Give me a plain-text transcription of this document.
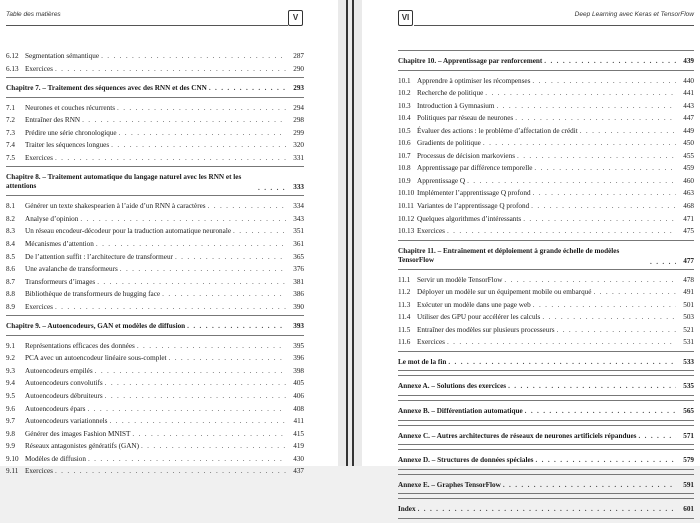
Table des matières	V
6.12 Segmentation sémantique . . .	287
6.13 Exercices . . .	290
Chapitre 7. – Traitement des séquences avec des RNN et des CNN . . .	293
7.1	Neurones et couches récurrents . . .	294
7.2	Entraîner des RNN . . .	298
7.3	Prédire une série chronologique . . .	299
7.4	Traiter les séquences longues . . .	320
7.5	Exercices . . .	331
Chapitre 8. – Traitement automatique du langage naturel avec les RNN et les attentions . . .	333
8.1	Générer un texte shakespearien à l’aide d’un RNN à caractères . . .	334
8.2	Analyse d’opinion . . .	343
8.3	Un réseau encodeur-décodeur pour la traduction automatique neuronale . . .	351
8.4	Mécanismes d’attention . . .	361
8.5	De l’attention suffit : l’architecture de transformeur . . .	365
8.6	Une avalanche de transformeurs . . .	376
8.7	Transformeurs d’images . . .	381
8.8	Bibliothèque de transformeurs de hugging face . . .	386
8.9	Exercices . . .	390
Chapitre 9. – Autoencodeurs, GAN et modèles de diffusion . . .	393
9.1	Représentations efficaces des données . . .	395
9.2	PCA avec un autoencodeur linéaire sous-complet . . .	396
9.3	Autoencodeurs empilés . . .	398
9.4	Autoencodeurs convolutifs . . .	405
9.5	Autoencodeurs débruiteurs . . .	406
9.6	Autoencodeurs épars . . .	408
9.7	Autoencodeurs variationnels . . .	411
9.8	Générer des images Fashion MNIST . . .	415
9.9	Réseaux antagonistes génératifs (GAN) . . .	419
9.10 Modèles de diffusion . . .	430
9.11 Exercices . . .	437
VI	Deep Learning avec Keras et TensorFlow
Chapitre 10. – Apprentissage par renforcement . . .	439
10.1 Apprendre à optimiser les récompenses . . .	440
10.2 Recherche de politique . . .	441
10.3 Introduction à Gymnasium . . .	443
10.4 Politiques par réseau de neurones . . .	447
10.5 Évaluer des actions : le problème d’affectation de crédit . . .	449
10.6 Gradients de politique . . .	450
10.7 Processus de décision markoviens . . .	455
10.8 Apprentissage par différence temporelle . . .	459
10.9 Apprentissage Q . . .	460
10.10 Implémenter l’apprentissage Q profond . . .	463
10.11 Variantes de l’apprentissage Q profond . . .	468
10.12 Quelques algorithmes d’intéressants . . .	471
10.13 Exercices . . .	475
Chapitre 11. – Entraînement et déploiement à grande échelle de modèles TensorFlow . . .	477
11.1 Servir un modèle TensorFlow . . .	478
11.2 Déployer un modèle sur un équipement mobile ou embarqué . . .	491
11.3 Exécuter un modèle dans une page web . . .	501
11.4 Utiliser des GPU pour accélérer les calculs . . .	503
11.5 Entraîner des modèles sur plusieurs processeurs . . .	521
11.6 Exercices . . .	531
Le mot de la fin . . .	533
Annexe A. – Solutions des exercices . . .	535
Annexe B. – Différentiation automatique . . .	565
Annexe C. – Autres architectures de réseaux de neurones artificiels répandues . . .	571
Annexe D. – Structures de données spéciales . . .	579
Annexe E. – Graphes TensorFlow . . .	591
Index . . .	601
